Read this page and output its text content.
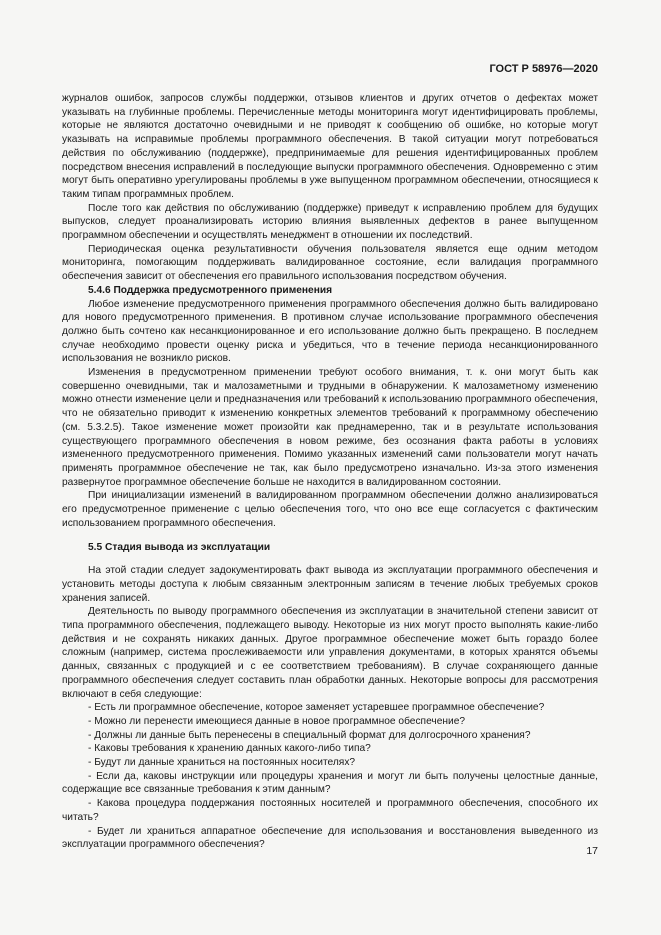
ГОСТ Р 58976—2020

журналов ошибок, запросов службы поддержки, отзывов клиентов и других отчетов о дефектах может указывать на глубинные проблемы. Перечисленные методы мониторинга могут идентифицировать проблемы, которые не являются достаточно очевидными и не приводят к сообщению об ошибке, но которые могут указывать на исправимые проблемы программного обеспечения. В такой ситуации могут потребоваться действия по обслуживанию (поддержке), предпринимаемые для решения идентифицированных проблем посредством внесения исправлений в последующие выпуски программного обеспечения. Одновременно с этим могут быть оперативно урегулированы проблемы в уже выпущенном программном обеспечении, относящиеся к таким типам программных проблем.

После того как действия по обслуживанию (поддержке) приведут к исправлению проблем для будущих выпусков, следует проанализировать историю влияния выявленных дефектов в ранее выпущенном программном обеспечении и осуществлять менеджмент в отношении их последствий.

Периодическая оценка результативности обучения пользователя является еще одним методом мониторинга, помогающим поддерживать валидированное состояние, если валидация программного обеспечения зависит от обеспечения его правильного использования посредством обучения.

5.4.6 Поддержка предусмотренного применения

Любое изменение предусмотренного применения программного обеспечения должно быть валидировано для нового предусмотренного применения. В противном случае использование программного обеспечения должно быть сочтено как несанкционированное и его использование должно быть прекращено. В последнем случае необходимо провести оценку риска и убедиться, что в течение периода несанкционированного использования не возникло рисков.

Изменения в предусмотренном применении требуют особого внимания, т. к. они могут быть как совершенно очевидными, так и малозаметными и трудными в обнаружении. К малозаметному изменению можно отнести изменение цели и предназначения или требований к использованию программного обеспечения, что не обязательно приводит к изменению конкретных элементов требований к программному обеспечению (см. 5.3.2.5). Такое изменение может произойти как преднамеренно, так и в результате использования существующего программного обеспечения в новом режиме, без осознания факта работы в условиях измененного предусмотренного применения. Помимо указанных изменений сами пользователи могут начать применять программное обеспечение не так, как было предусмотрено изначально. Из-за этого изменения развернутое программное обеспечение больше не находится в валидированном состоянии.

При инициализации изменений в валидированном программном обеспечении должно анализироваться его предусмотренное применение с целью обеспечения того, что оно все еще согласуется с фактическим использованием программного обеспечения.

5.5 Стадия вывода из эксплуатации

На этой стадии следует задокументировать факт вывода из эксплуатации программного обеспечения и установить методы доступа к любым связанным электронным записям в течение любых требуемых сроков хранения записей.

Деятельность по выводу программного обеспечения из эксплуатации в значительной степени зависит от типа программного обеспечения, подлежащего выводу. Некоторые из них могут просто выполнять какие-либо действия и не сохранять никаких данных. Другое программное обеспечение может быть гораздо более сложным (например, система прослеживаемости или управления документами, в которых хранятся объемы данных, связанных с продукцией и с ее соответствием требованиям). В случае сохраняющего данные программного обеспечения следует составить план обработки данных. Некоторые вопросы для рассмотрения включают в себя следующие:

- Есть ли программное обеспечение, которое заменяет устаревшее программное обеспечение?

- Можно ли перенести имеющиеся данные в новое программное обеспечение?

- Должны ли данные быть перенесены в специальный формат для долгосрочного хранения?

- Каковы требования к хранению данных какого-либо типа?

- Будут ли данные храниться на постоянных носителях?

- Если да, каковы инструкции или процедуры хранения и могут ли быть получены целостные данные, содержащие все связанные требования к этим данным?

- Какова процедура поддержания постоянных носителей и программного обеспечения, способного их читать?

- Будет ли храниться аппаратное обеспечение для использования и восстановления выведенного из эксплуатации программного обеспечения?

17
